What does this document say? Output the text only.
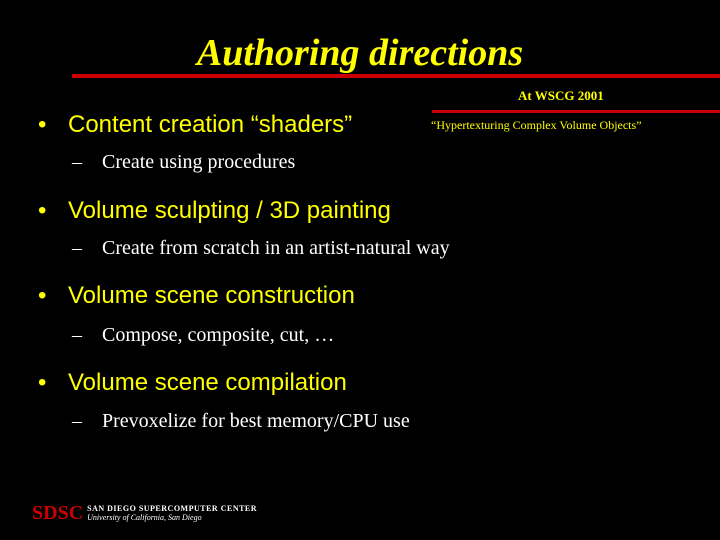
Authoring directions
At WSCG 2001
“Hypertexturing Complex Volume Objects”
• Content creation “shaders”
– Create using procedures
• Volume sculpting / 3D painting
– Create from scratch in an artist-natural way
• Volume scene construction
– Compose, composite, cut, …
• Volume scene compilation
– Prevoxelize for best memory/CPU use
SDSC SAN DIEGO SUPERCOMPUTER CENTER
University of California, San Diego
